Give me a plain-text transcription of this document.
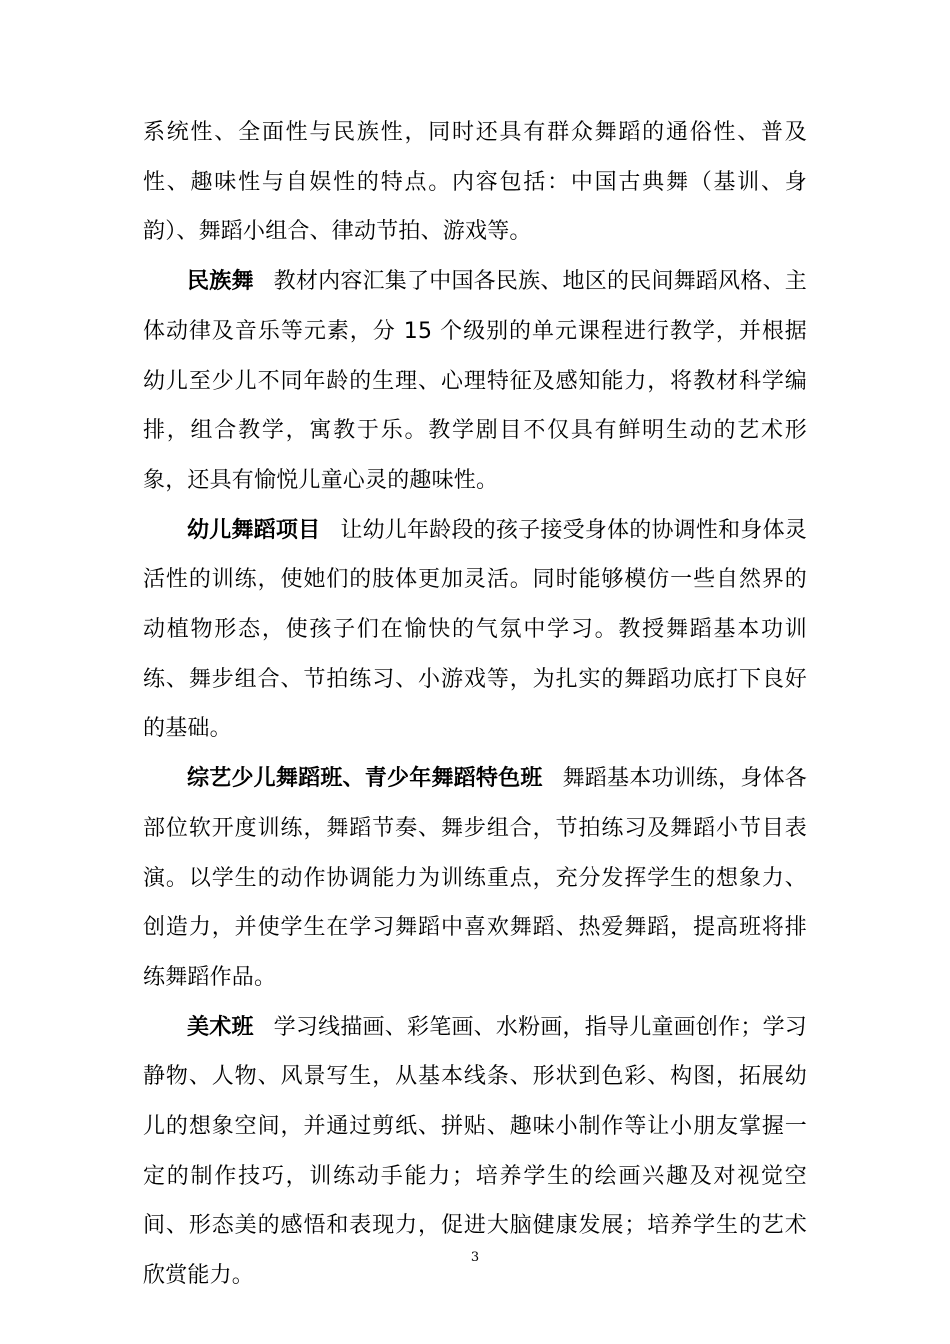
系统性、全面性与民族性，同时还具有群众舞蹈的通俗性、普及性、趣味性与自娱性的特点。内容包括：中国古典舞（基训、身韵）、舞蹈小组合、律动节拍、游戏等。

民族舞 教材内容汇集了中国各民族、地区的民间舞蹈风格、主体动律及音乐等元素，分 15 个级别的单元课程进行教学，并根据幼儿至少儿不同年龄的生理、心理特征及感知能力，将教材科学编排，组合教学，寓教于乐。教学剧目不仅具有鲜明生动的艺术形象，还具有愉悦儿童心灵的趣味性。

幼儿舞蹈项目 让幼儿年龄段的孩子接受身体的协调性和身体灵活性的训练，使她们的肢体更加灵活。同时能够模仿一些自然界的动植物形态，使孩子们在愉快的气氛中学习。教授舞蹈基本功训练、舞步组合、节拍练习、小游戏等，为扎实的舞蹈功底打下良好的基础。

综艺少儿舞蹈班、青少年舞蹈特色班 舞蹈基本功训练，身体各部位软开度训练，舞蹈节奏、舞步组合，节拍练习及舞蹈小节目表演。以学生的动作协调能力为训练重点，充分发挥学生的想象力、创造力，并使学生在学习舞蹈中喜欢舞蹈、热爱舞蹈，提高班将排练舞蹈作品。

美术班 学习线描画、彩笔画、水粉画，指导儿童画创作；学习静物、人物、风景写生，从基本线条、形状到色彩、构图，拓展幼儿的想象空间，并通过剪纸、拼贴、趣味小制作等让小朋友掌握一定的制作技巧，训练动手能力；培养学生的绘画兴趣及对视觉空间、形态美的感悟和表现力，促进大脑健康发展；培养学生的艺术欣赏能力。

3
